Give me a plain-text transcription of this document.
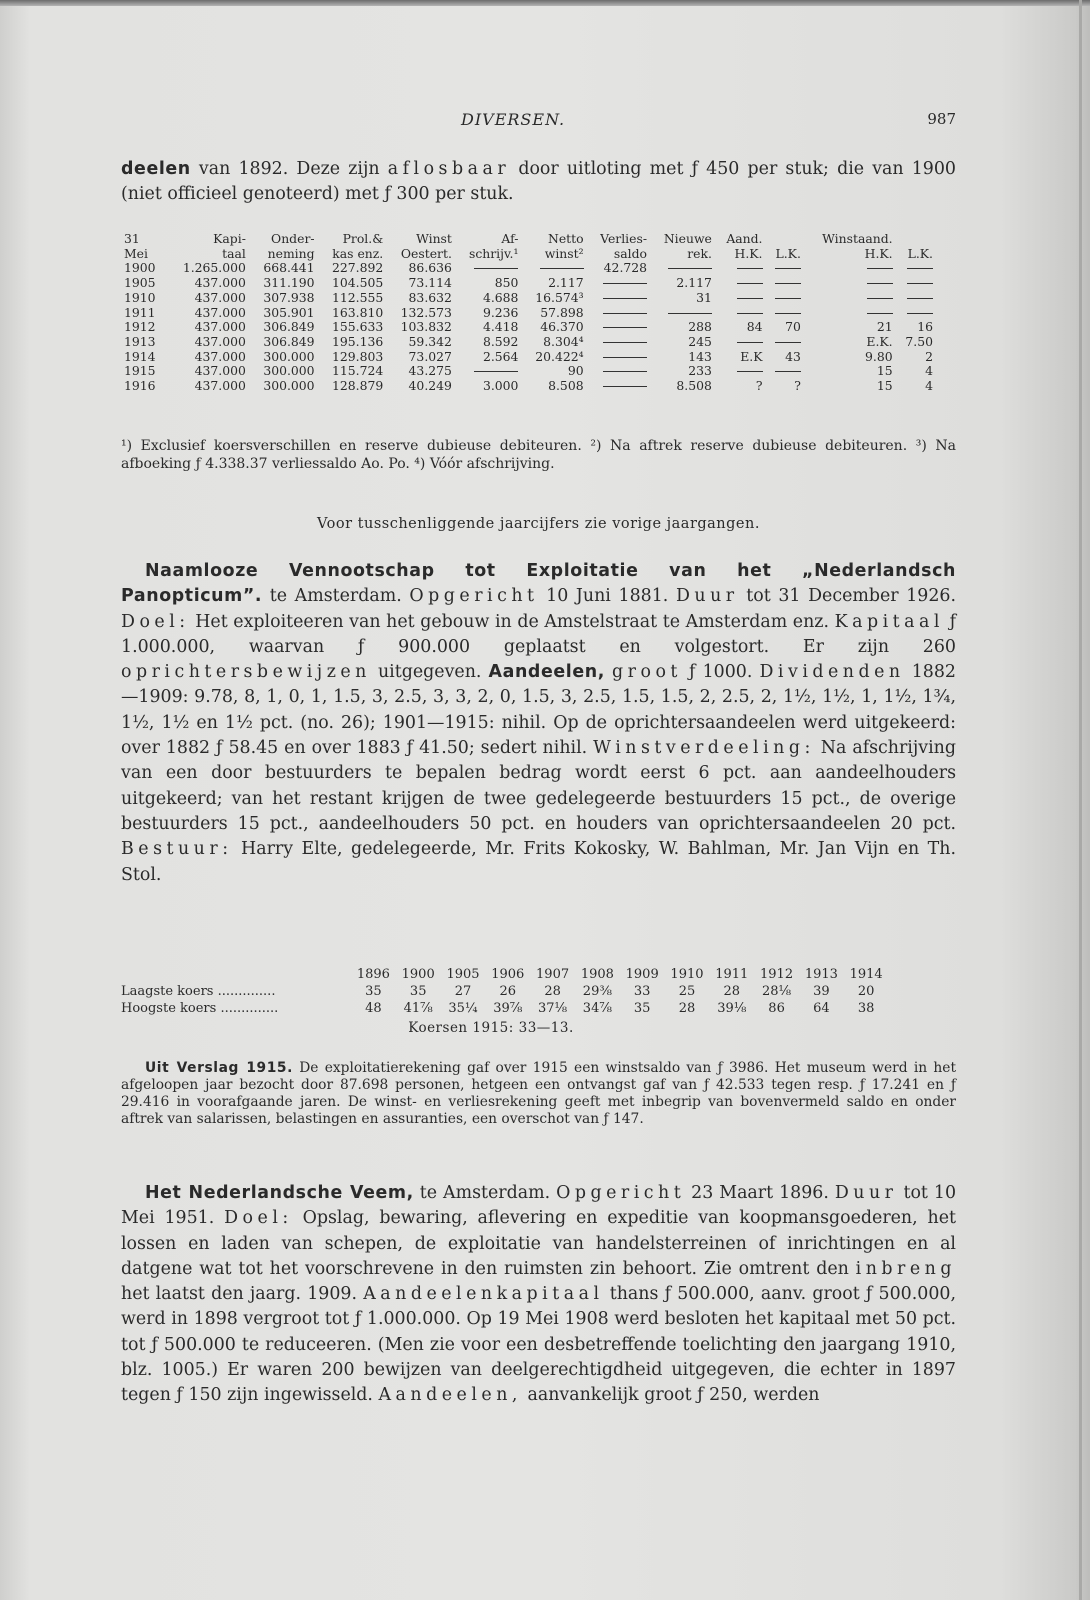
DIVERSEN.	987

deelen van 1892. Deze zijn aflosbaar door uitloting met ƒ 450 per stuk; die van 1900 (niet officieel genoteerd) met ƒ 300 per stuk.

31	Kapi-	Onder-	Prol.&	Winst	Af-	Netto	Verlies-	Nieuwe	Aand.		Winstaand.	
Mei	taal	neming	kas enz.	Oestert.	schrijv.¹	winst²	saldo	rek.	H.K.	L.K.	H.K.	L.K.
1900	1.265.000	668.441	227.892	86.636			42.728					
1905	437.000	311.190	104.505	73.114	850	2.117		2.117				
1910	437.000	307.938	112.555	83.632	4.688	16.574³		31				
1911	437.000	305.901	163.810	132.573	9.236	57.898						
1912	437.000	306.849	155.633	103.832	4.418	46.370		288	84	70	21	16
1913	437.000	306.849	195.136	59.342	8.592	8.304⁴		245			E.K.	7.50
1914	437.000	300.000	129.803	73.027	2.564	20.422⁴		143	E.K	43	9.80	2
1915	437.000	300.000	115.724	43.275		90		233			15	4
1916	437.000	300.000	128.879	40.249	3.000	8.508		8.508	?	?	15	4

¹) Exclusief koersverschillen en reserve dubieuse debiteuren. ²) Na aftrek reserve dubieuse debiteuren. ³) Na afboeking ƒ 4.338.37 verliessaldo Ao. Po. ⁴) Vóór afschrijving.

Voor tusschenliggende jaarcijfers zie vorige jaargangen.

Naamlooze Vennootschap tot Exploitatie van het „Nederlandsch Panopticum”. te Amsterdam. Opgericht 10 Juni 1881. Duur tot 31 December 1926. Doel: Het exploiteeren van het gebouw in de Amstelstraat te Amsterdam enz. Kapitaal ƒ 1.000.000, waarvan ƒ 900.000 geplaatst en volgestort. Er zijn 260 oprichtersbewijzen uitgegeven. Aandeelen, groot ƒ 1000. Dividenden 1882—1909: 9.78, 8, 1, 0, 1, 1.5, 3, 2.5, 3, 3, 2, 0, 1.5, 3, 2.5, 1.5, 1.5, 2, 2.5, 2, 1½, 1½, 1, 1½, 1¾, 1½, 1½ en 1½ pct. (no. 26); 1901—1915: nihil. Op de oprichtersaandeelen werd uitgekeerd: over 1882 ƒ 58.45 en over 1883 ƒ 41.50; sedert nihil. Winstverdeeling: Na afschrijving van een door bestuurders te bepalen bedrag wordt eerst 6 pct. aan aandeelhouders uitgekeerd; van het restant krijgen de twee gedelegeerde bestuurders 15 pct., de overige bestuurders 15 pct., aandeelhouders 50 pct. en houders van oprichtersaandeelen 20 pct. Bestuur: Harry Elte, gedelegeerde, Mr. Frits Kokosky, W. Bahlman, Mr. Jan Vijn en Th. Stol.

	1896	1900	1905	1906	1907	1908	1909	1910	1911	1912	1913	1914
Laagste koers ..............	35	35	27	26	28	29⅜	33	25	28	28⅛	39	20
Hoogste koers ..............	48	41⅞	35¼	39⅞	37⅛	34⅞	35	28	39⅛	86	64	38
Koersen 1915: 33—13.

Uit Verslag 1915. De exploitatierekening gaf over 1915 een winstsaldo van ƒ 3986. Het museum werd in het afgeloopen jaar bezocht door 87.698 personen, hetgeen een ontvangst gaf van ƒ 42.533 tegen resp. ƒ 17.241 en ƒ 29.416 in voorafgaande jaren. De winst- en verliesrekening geeft met inbegrip van bovenvermeld saldo en onder aftrek van salarissen, belastingen en assuranties, een overschot van ƒ 147.

Het Nederlandsche Veem, te Amsterdam. Opgericht 23 Maart 1896. Duur tot 10 Mei 1951. Doel: Opslag, bewaring, aflevering en expeditie van koopmansgoederen, het lossen en laden van schepen, de exploitatie van handelsterreinen of inrichtingen en al datgene wat tot het voorschrevene in den ruimsten zin behoort. Zie omtrent den inbreng het laatst den jaarg. 1909. Aandeelenkapitaal thans ƒ 500.000, aanv. groot ƒ 500.000, werd in 1898 vergroot tot ƒ 1.000.000. Op 19 Mei 1908 werd besloten het kapitaal met 50 pct. tot ƒ 500.000 te reduceeren. (Men zie voor een desbetreffende toelichting den jaargang 1910, blz. 1005.) Er waren 200 bewijzen van deelgerechtigdheid uitgegeven, die echter in 1897 tegen ƒ 150 zijn ingewisseld. Aandeelen, aanvankelijk groot ƒ 250, werden
